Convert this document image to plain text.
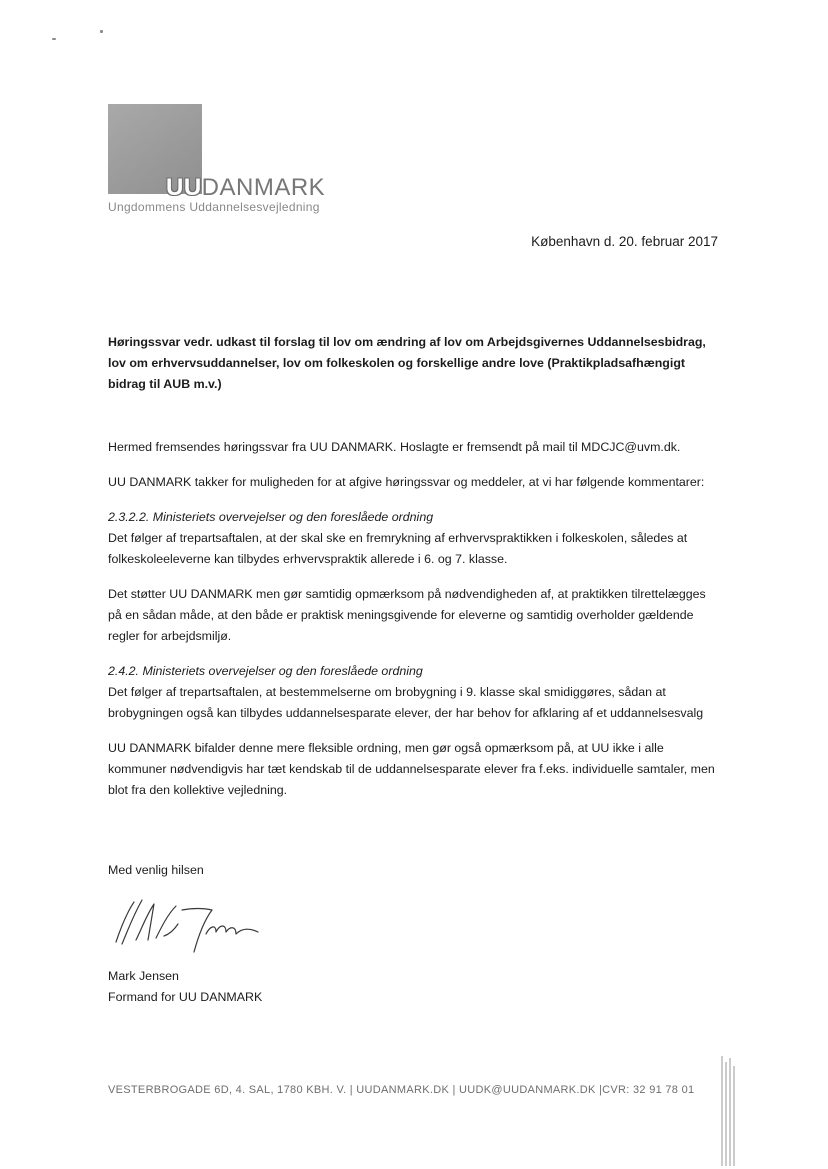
UUDANMARK
Ungdommens Uddannelsesvejledning
København d. 20. februar 2017
Høringssvar vedr. udkast til forslag til lov om ændring af lov om Arbejdsgivernes Uddannelsesbidrag, lov om erhvervsuddannelser, lov om folkeskolen og forskellige andre love (Praktikpladsafhængigt bidrag til AUB m.v.)

Hermed fremsendes høringssvar fra UU DANMARK. Hoslagte er fremsendt på mail til MDCJC@uvm.dk.

UU DANMARK takker for muligheden for at afgive høringssvar og meddeler, at vi har følgende kommentarer:

2.3.2.2. Ministeriets overvejelser og den foreslåede ordning
Det følger af trepartsaftalen, at der skal ske en fremrykning af erhvervspraktikken i folkeskolen, således at folkeskoleeleverne kan tilbydes erhvervspraktik allerede i 6. og 7. klasse.

Det støtter UU DANMARK men gør samtidig opmærksom på nødvendigheden af, at praktikken tilrettelægges på en sådan måde, at den både er praktisk meningsgivende for eleverne og samtidig overholder gældende regler for arbejdsmiljø.

2.4.2. Ministeriets overvejelser og den foreslåede ordning
Det følger af trepartsaftalen, at bestemmelserne om brobygning i 9. klasse skal smidiggøres, sådan at brobygningen også kan tilbydes uddannelsesparate elever, der har behov for afklaring af et uddannelsesvalg

UU DANMARK bifalder denne mere fleksible ordning, men gør også opmærksom på, at UU ikke i alle kommuner nødvendigvis har tæt kendskab til de uddannelsesparate elever fra f.eks. individuelle samtaler, men blot fra den kollektive vejledning.

Med venlig hilsen
Mark Jensen
Formand for UU DANMARK
VESTERBROGADE 6D, 4. SAL, 1780 KBH. V. | UUDANMARK.DK | UUDK@UUDANMARK.DK |CVR: 32 91 78 01
